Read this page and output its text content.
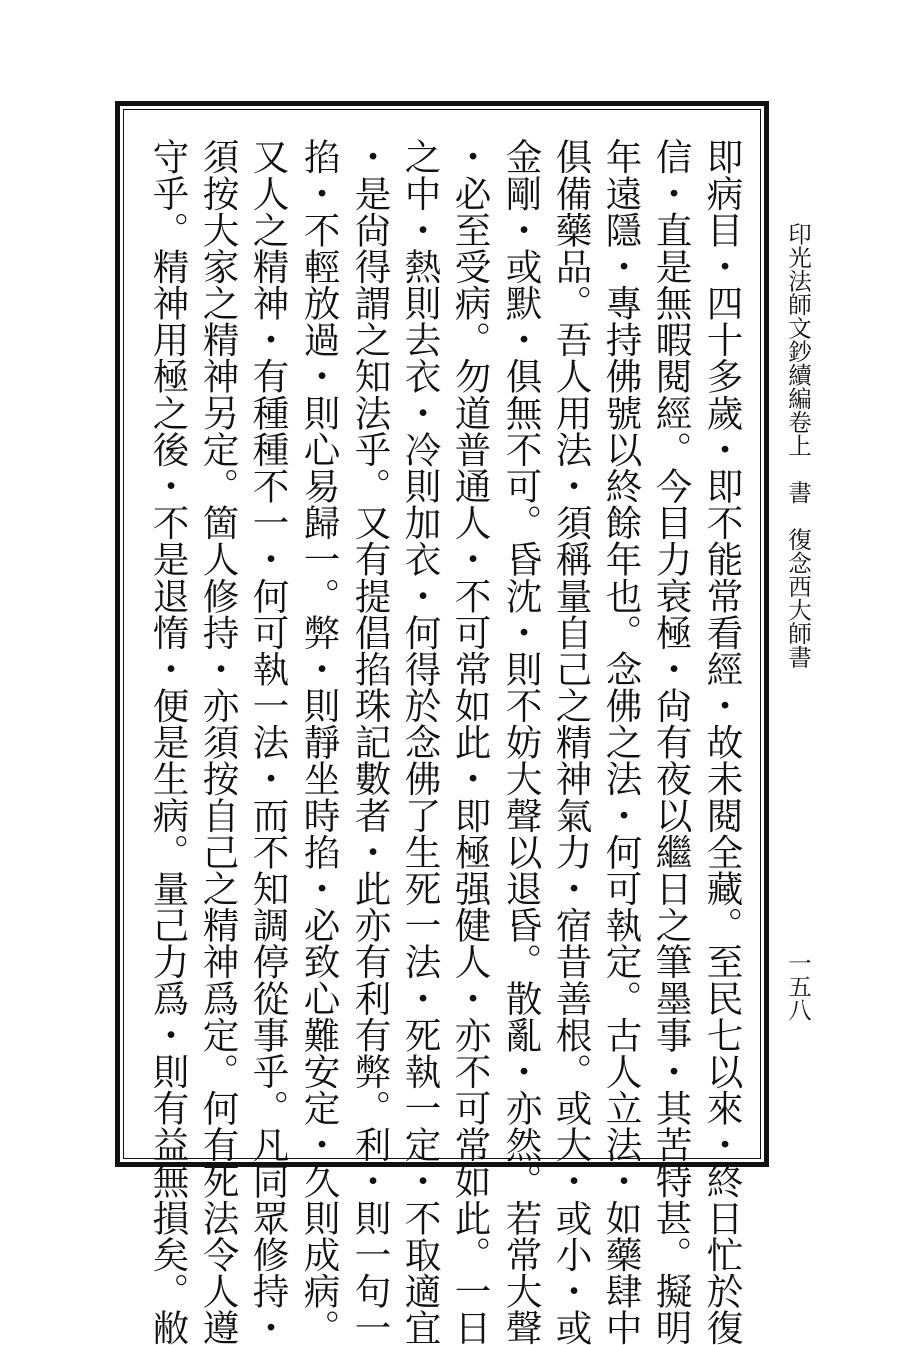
印光法師文鈔續編卷上　書　復念西大師書
一五八
即病目・四十多歲・即不能常看經・故未閱全藏。至民七以來・終日忙於復
信・直是無暇閱經。今目力衰極・尙有夜以繼日之筆墨事・其苦特甚。擬明
年遠隱・專持佛號以終餘年也。念佛之法・何可執定。古人立法・如藥肆中
俱備藥品。吾人用法・須稱量自己之精神氣力・宿昔善根。或大・或小・或
金剛・或默・俱無不可。昏沈・則不妨大聲以退昏。散亂・亦然。若常大聲
・必至受病。勿道普通人・不可常如此・即極强健人・亦不可常如此。一日
之中・熱則去衣・冷則加衣・何得於念佛了生死一法・死執一定・不取適宜
・是尙得謂之知法乎。又有提倡掐珠記數者・此亦有利有弊。利・則一句一
掐・不輕放過・則心易歸一。弊・則靜坐時掐・必致心難安定・久則成病。
又人之精神・有種種不一・何可執一法・而不知調停從事乎。凡同眾修持・
須按大家之精神另定。箇人修持・亦須按自己之精神爲定。何有死法令人遵
守乎。精神用極之後・不是退惰・便是生病。量己力爲・則有益無損矣。敝
